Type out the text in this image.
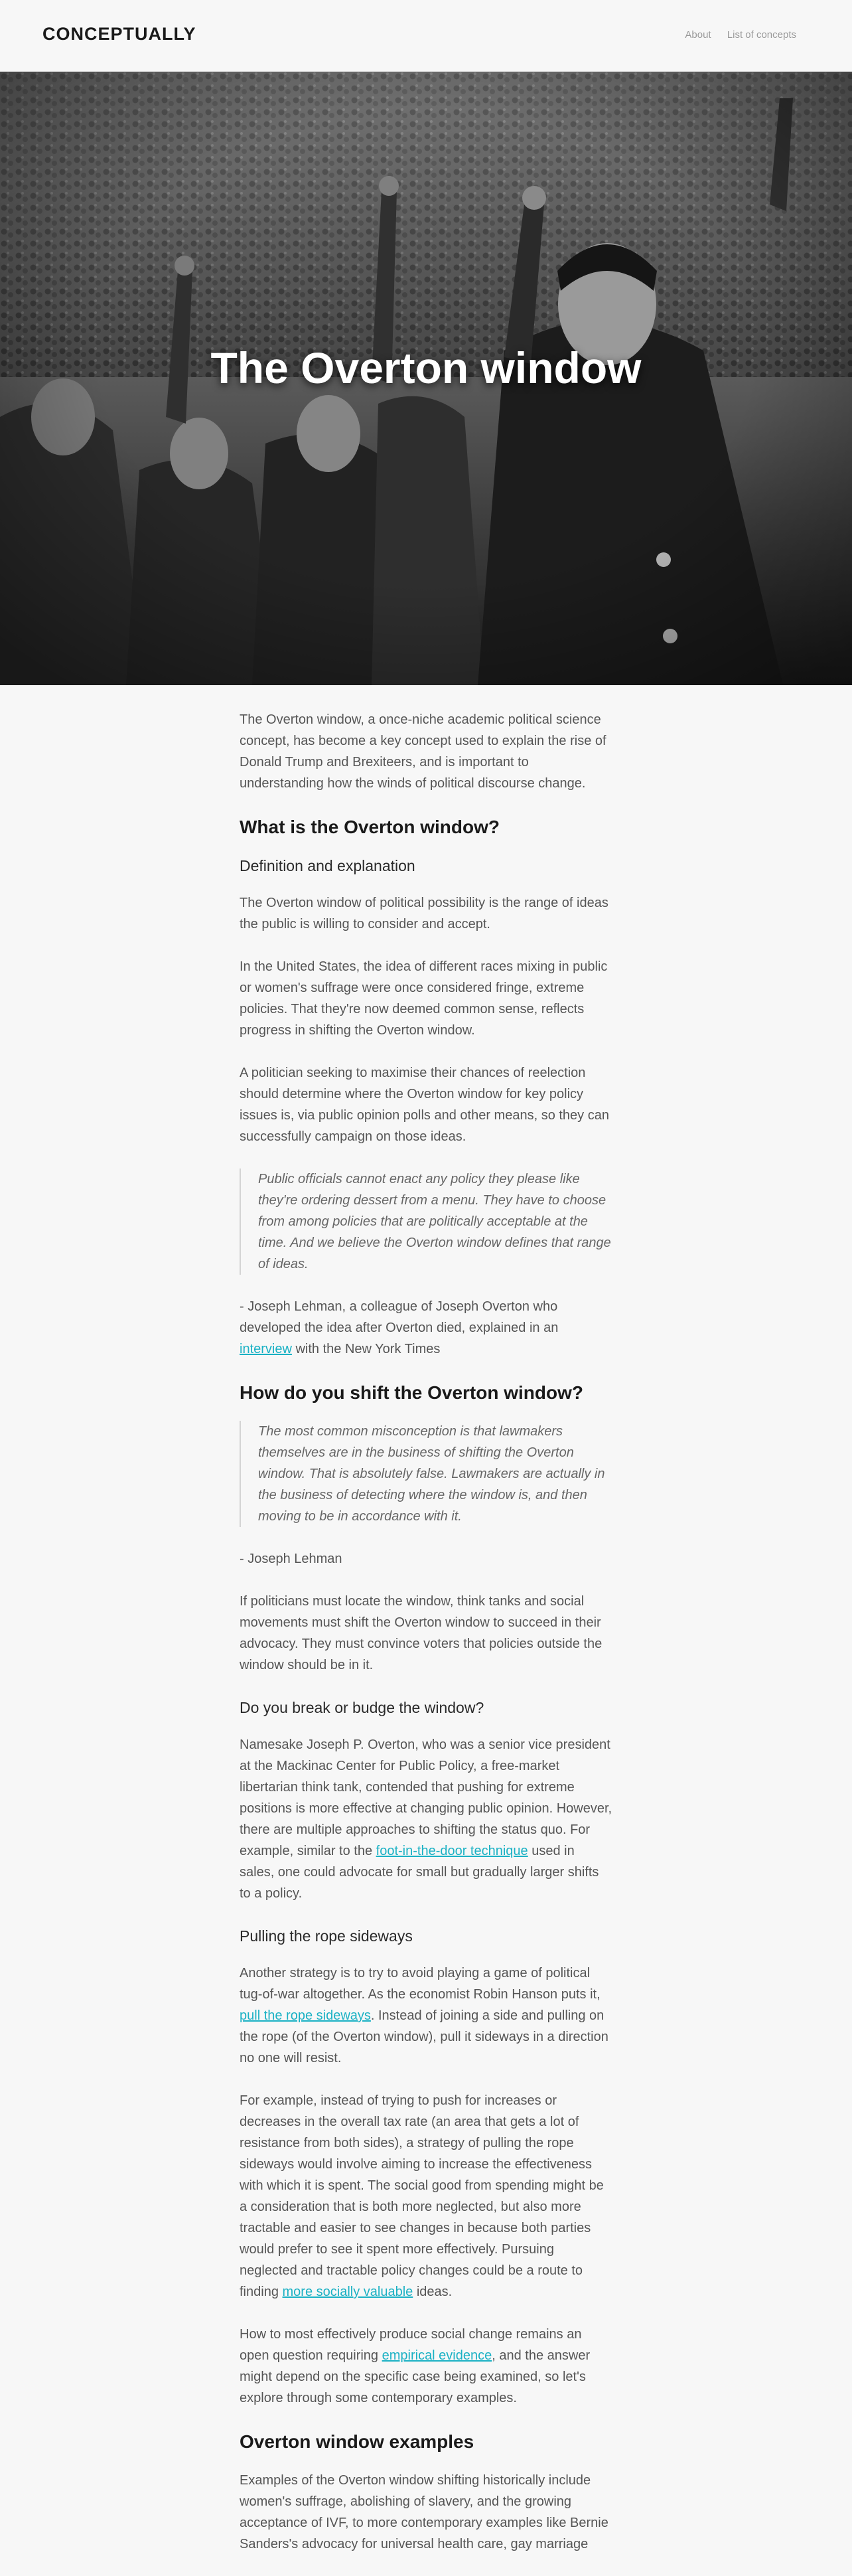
CONCEPTUALLY	About List of concepts
The Overton window

The Overton window, a once-niche academic political science concept, has become a key concept used to explain the rise of Donald Trump and Brexiteers, and is important to understanding how the winds of political discourse change.

What is the Overton window?
Definition and explanation

The Overton window of political possibility is the range of ideas the public is willing to consider and accept.

In the United States, the idea of different races mixing in public or women's suffrage were once considered fringe, extreme policies. That they're now deemed common sense, reflects progress in shifting the Overton window.

A politician seeking to maximise their chances of reelection should determine where the Overton window for key policy issues is, via public opinion polls and other means, so they can successfully campaign on those ideas.

Public officials cannot enact any policy they please like they're ordering dessert from a menu. They have to choose from among policies that are politically acceptable at the time. And we believe the Overton window defines that range of ideas.

- Joseph Lehman, a colleague of Joseph Overton who developed the idea after Overton died, explained in an interview with the New York Times

How do you shift the Overton window?
The most common misconception is that lawmakers themselves are in the business of shifting the Overton window. That is absolutely false. Lawmakers are actually in the business of detecting where the window is, and then moving to be in accordance with it.

- Joseph Lehman

If politicians must locate the window, think tanks and social movements must shift the Overton window to succeed in their advocacy. They must convince voters that policies outside the window should be in it.

Do you break or budge the window?

Namesake Joseph P. Overton, who was a senior vice president at the Mackinac Center for Public Policy, a free-market libertarian think tank, contended that pushing for extreme positions is more effective at changing public opinion. However, there are multiple approaches to shifting the status quo. For example, similar to the foot-in-the-door technique used in sales, one could advocate for small but gradually larger shifts to a policy.

Pulling the rope sideways

Another strategy is to try to avoid playing a game of political tug-of-war altogether. As the economist Robin Hanson puts it, pull the rope sideways. Instead of joining a side and pulling on the rope (of the Overton window), pull it sideways in a direction no one will resist.

For example, instead of trying to push for increases or decreases in the overall tax rate (an area that gets a lot of resistance from both sides), a strategy of pulling the rope sideways would involve aiming to increase the effectiveness with which it is spent. The social good from spending might be a consideration that is both more neglected, but also more tractable and easier to see changes in because both parties would prefer to see it spent more effectively. Pursuing neglected and tractable policy changes could be a route to finding more socially valuable ideas.

How to most effectively produce social change remains an open question requiring empirical evidence, and the answer might depend on the specific case being examined, so let's explore through some contemporary examples.

Overton window examples

Examples of the Overton window shifting historically include women's suffrage, abolishing of slavery, and the growing acceptance of IVF, to more contemporary examples like Bernie Sanders's advocacy for universal health care, gay marriage
